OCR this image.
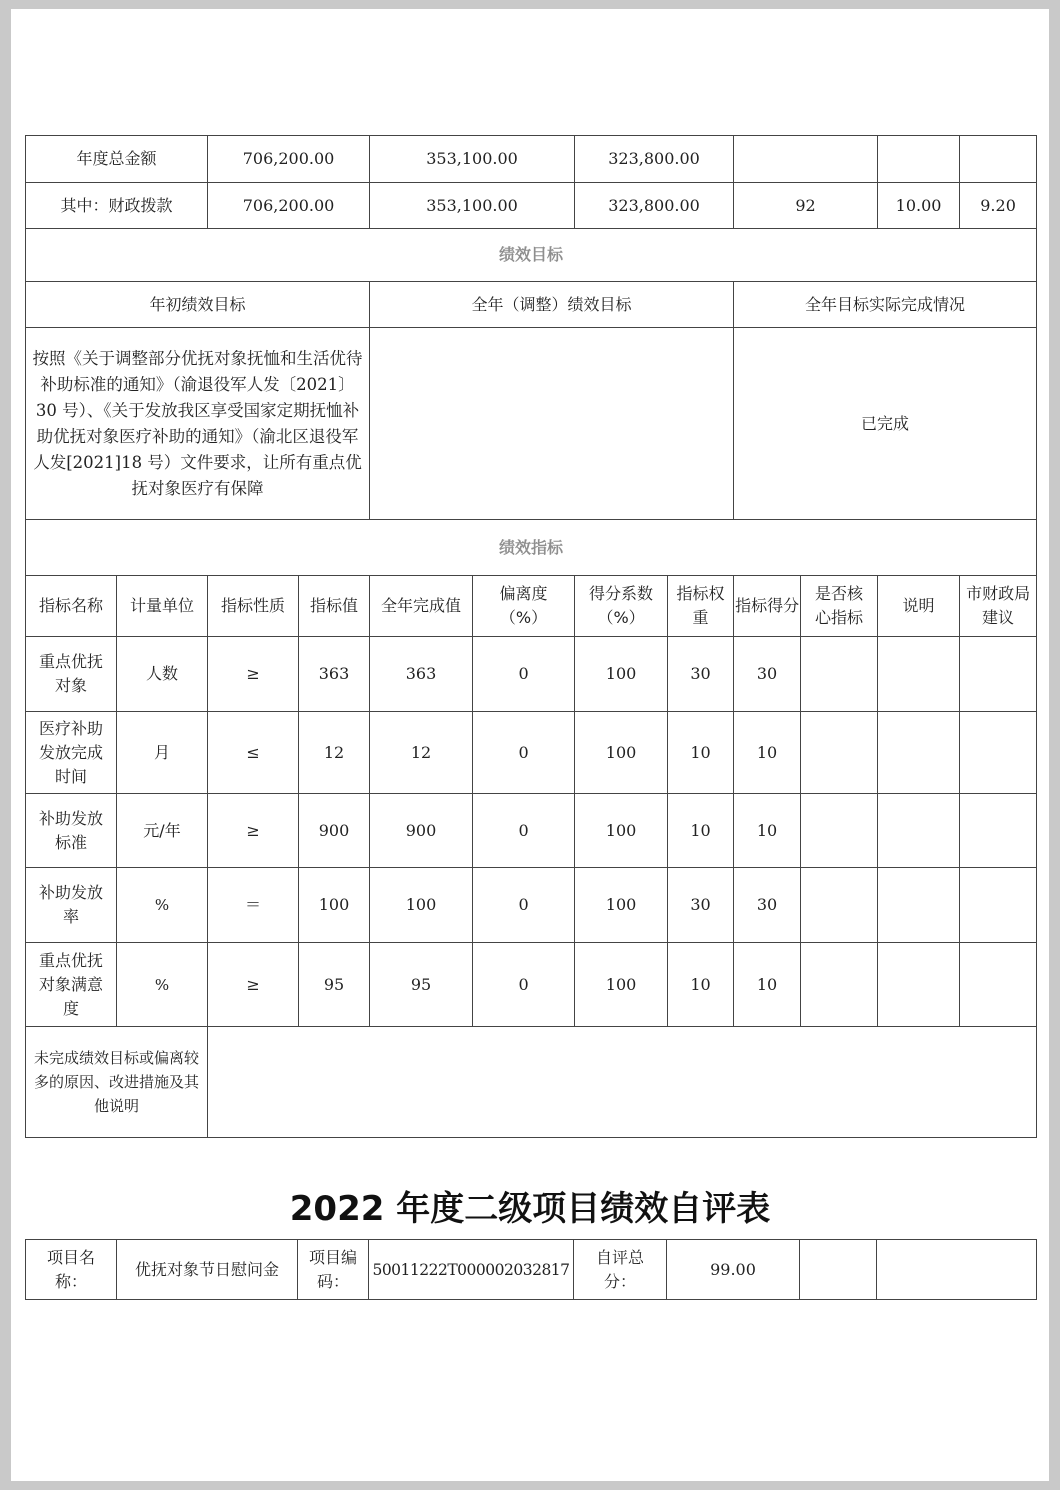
年度总金额		706,200.00		353,100.00		323,800.00					
其中：财政拨款		706,200.00		353,100.00		323,800.00		92		10.00	9.20
绩效目标											
年初绩效目标				全年（调整）绩效目标				全年目标实际完成情况			
按照《关于调整部分优抚对象抚恤和生活优待补助标准的通知》（渝退役军人发〔2021〕30 号）、《关于发放我区享受国家定期抚恤补助优抚对象医疗补助的通知》（渝北区退役军人发[2021]18 号）文件要求，让所有重点优抚对象医疗有保障								已完成			
绩效指标											
指标名称	计量单位	指标性质	指标值	全年完成值	偏离度（%）	得分系数（%）	指标权重	指标得分	是否核心指标	说明	市财政局建议
重点优抚对象	人数	≥	363	363	0	100	30	30			
医疗补助发放完成时间	月	≤	12	12	0	100	10	10			
补助发放标准	元/年	≥	900	900	0	100	10	10			
补助发放率	%	＝	100	100	0	100	30	30			
重点优抚对象满意度	%	≥	95	95	0	100	10	10			
未完成绩效目标或偏离较多的原因、改进措施及其他说明											
2022 年度二级项目绩效自评表
项目名称：	优抚对象节日慰问金	项目编码：	50011222T000002032817	自评总分：	99.00		
